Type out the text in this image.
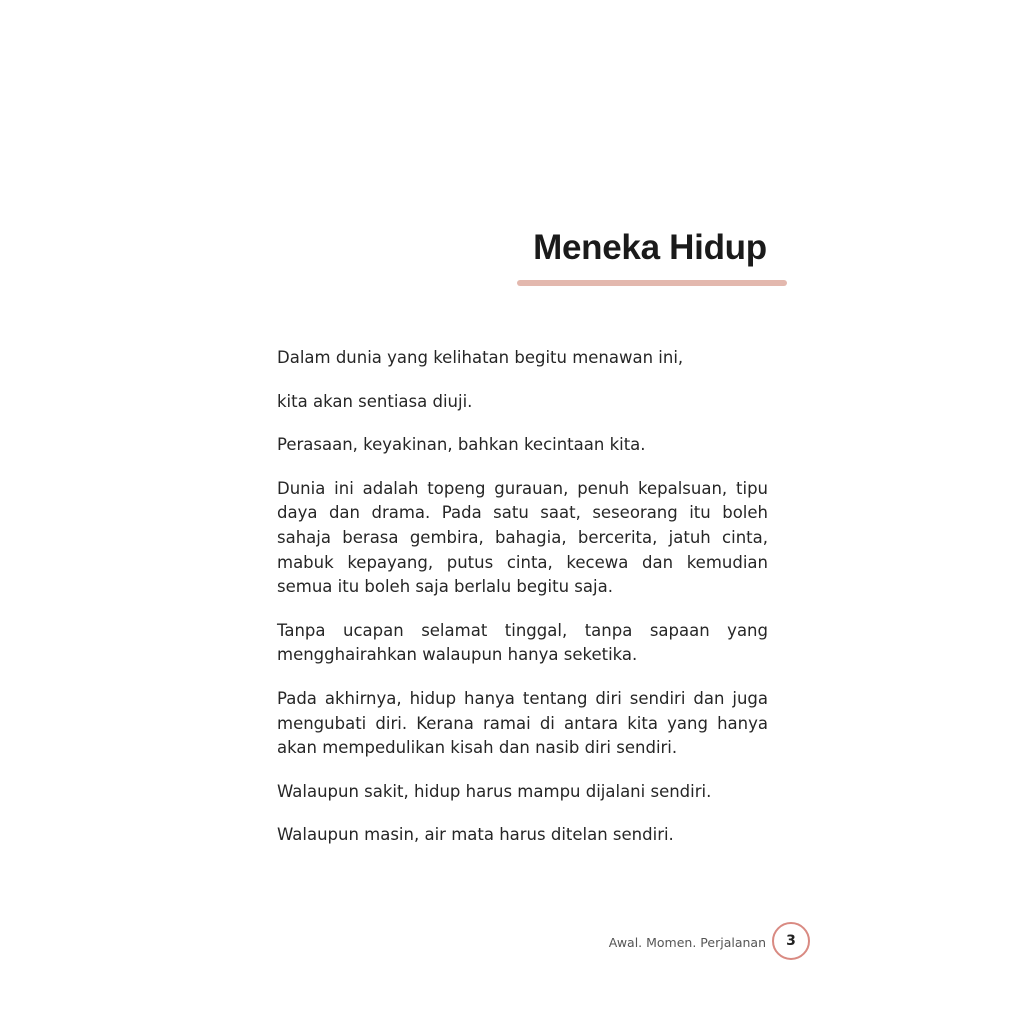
Meneka Hidup

Dalam dunia yang kelihatan begitu menawan ini,

kita akan sentiasa diuji.

Perasaan, keyakinan, bahkan kecintaan kita.

Dunia ini adalah topeng gurauan, penuh kepalsuan, tipu daya dan drama. Pada satu saat, seseorang itu boleh sahaja berasa gembira, bahagia, bercerita, jatuh cinta, mabuk kepayang, putus cinta, kecewa dan kemudian semua itu boleh saja berlalu begitu saja.

Tanpa ucapan selamat tinggal, tanpa sapaan yang mengghairahkan walaupun hanya seketika.

Pada akhirnya, hidup hanya tentang diri sendiri dan juga mengubati diri. Kerana ramai di antara kita yang hanya akan mempedulikan kisah dan nasib diri sendiri.

Walaupun sakit, hidup harus mampu dijalani sendiri.

Walaupun masin, air mata harus ditelan sendiri.

Awal. Momen. Perjalanan 3
